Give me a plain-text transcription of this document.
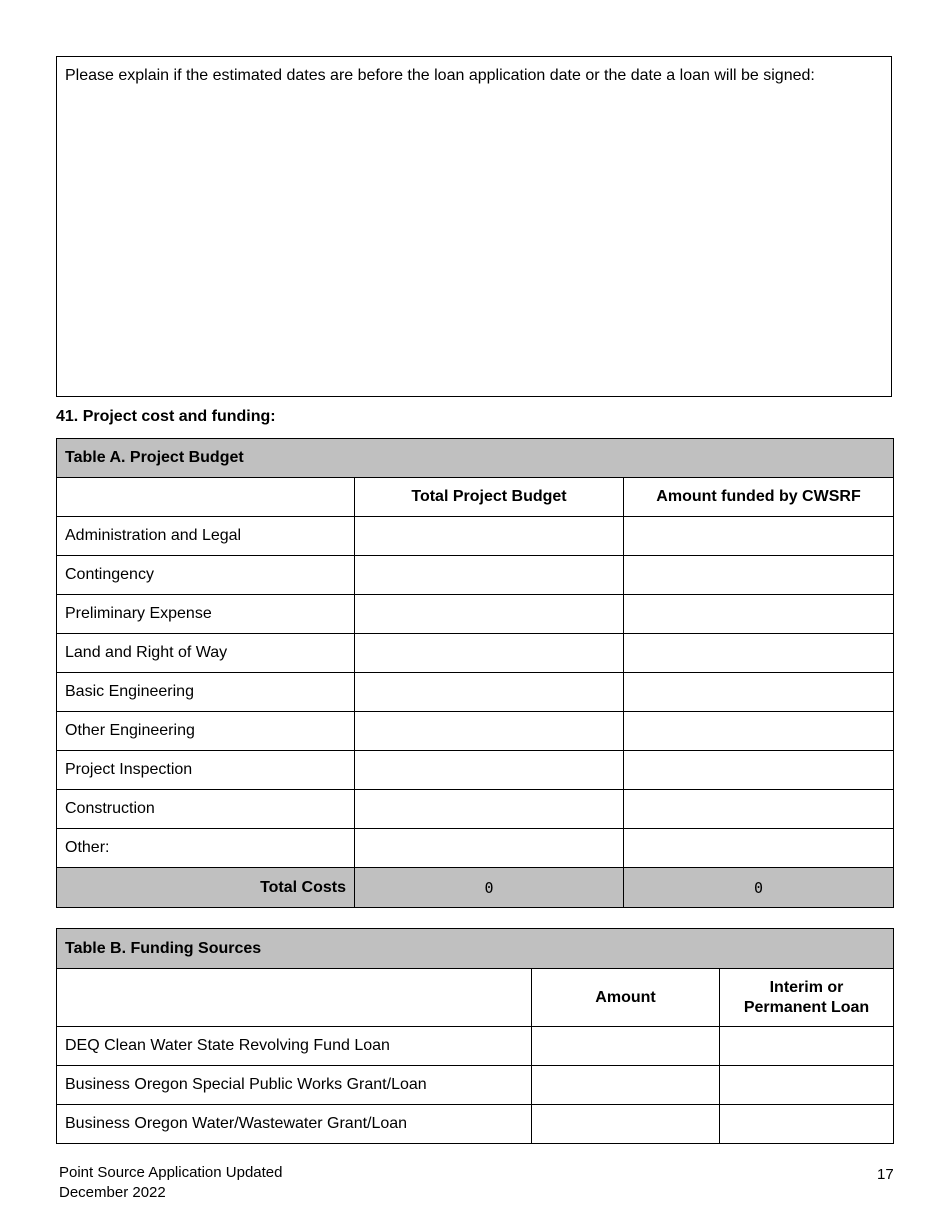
Please explain if the estimated dates are before the loan application date or the date a loan will be signed:
41. Project cost and funding:
Table A. Project Budget		
	Total Project Budget	Amount funded by CWSRF
Administration and Legal		
Contingency		
Preliminary Expense		
Land and Right of Way		
Basic Engineering		
Other Engineering		
Project Inspection		
Construction		
Other:		
Total Costs	0	0
Table B. Funding Sources		
	Amount	Interim or Permanent Loan
DEQ Clean Water State Revolving Fund Loan		
Business Oregon Special Public Works Grant/Loan		
Business Oregon Water/Wastewater Grant/Loan		
Point Source Application Updated
December 2022
17
